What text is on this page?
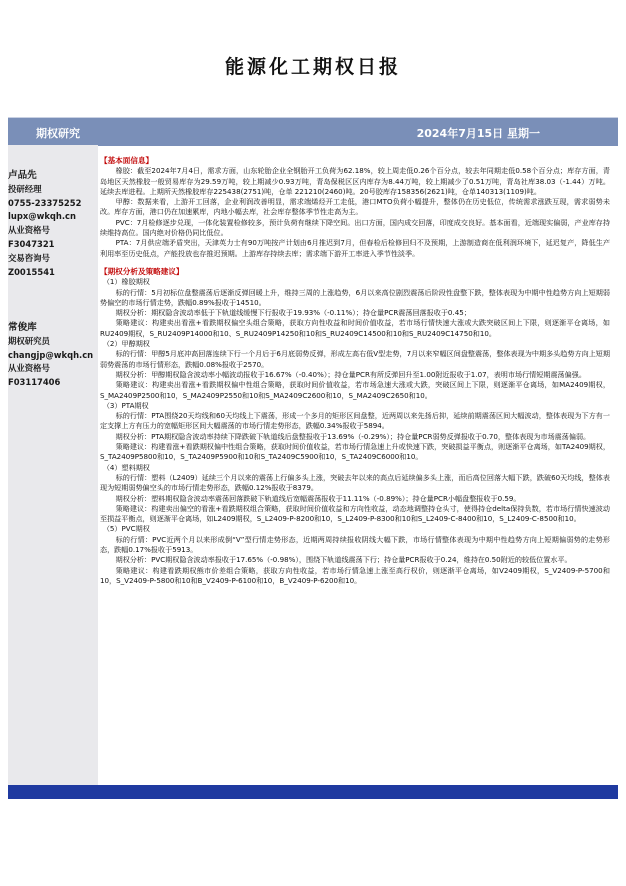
能源化工期权日报
期权研究	2024年7月15日 星期一
卢品先
投研经理
0755-23375252
lupx@wkqh.cn
从业资格号
F3047321
交易咨询号
Z0015541
常俊库
期权研究员
changjp@wkqh.cn
从业资格号
F03117406

【基本面信息】

橡胶：截至2024年7月4日，需求方面，山东轮胎企业全钢胎开工负荷为62.18%，较上周走低0.26个百分点，较去年同期走低0.58个百分点；库存方面，青岛地区天然橡胶一般贸易库存为29.59万吨，较上期减少0.93万吨，青岛保税区区内库存为8.44万吨，较上期减少了0.51万吨，青岛社库38.03（-1.44）万吨。延续去库进程。上期所天然橡胶库存225438(2751)吨，仓单 221210(2460)吨。20号胶库存158356(2621)吨，仓单140313(1109)吨。

甲醇：数据来看，上游开工回落，企业利润改善明显，需求端烯烃开工走低，港口MTO负荷小幅提升，整体仍在历史低位，传统需求涨跌互现，需求弱势未改。库存方面，港口仍在加速累库，内地小幅去库，社会库存整体季节性走高为主。

PVC：7月检修逐步兑现，一体化装置检修较多，预计负荷有继续下降空间。出口方面，国内成交回落，印度成交良好。基本面看，近端现实偏弱，产业库存持续维持高位。国内绝对价格仍同比低位。

PTA：7月供应端矛盾突出，天津英力士有90万吨按产计划由6月推迟到7月，但春检后检修回归不及预期，上游制造商在低利润环境下，延迟复产，降低生产利用率至历史低点，产能投放也存推迟预期。上游库存持续去库；需求端下游开工率进入季节性淡季。

【期权分析及策略建议】

（1）橡胶期权

标的行情：5月初标位盘整震荡后逐渐反弹回暖上升，维持三周的上涨趋势，6月以来高位剧烈震荡后阶段性盘整下跌，整体表现为中期中性趋势方向上短期弱势偏空的市场行情走势，跌幅0.89%报收于14510。

期权分析：期权隐含波动率低于下轨道线缓慢下行报收于19.93%（-0.11%）；持仓量PCR震荡回落报收于0.45；

策略建议：构建卖出看涨+看跌期权偏空头组合策略，获取方向性收益和时间价值收益，若市场行情快速大涨或大跌突破区间上下限，则逐渐平仓离场，如RU2409期权，S_RU2409P14000和10、S_RU2409P14250和10和S_RU2409C14500和10和S_RU2409C14750和10。

（2）甲醇期权

标的行情：甲醇5月底冲高回落连续下行一个月后于6月底弱势反弹，形成左高右低V型走势，7月以来窄幅区间盘整震荡，整体表现为中期多头趋势方向上短期弱势震荡的市场行情形态，跌幅0.08%报收于2570。

期权分析：甲醇期权隐含波动率小幅波动报收于16.67%（-0.40%）；持仓量PCR有所反弹回升至1.00附近报收于1.07，表明市场行情短期震荡偏强。

策略建议：构建卖出看涨+看跌期权偏中性组合策略，获取时间价值收益，若市场急速大涨或大跌，突破区间上下限，则逐渐平仓离场，如MA2409期权，S_MA2409P2500和10，S_MA2409P2550和10和S_MA2409C2600和10，S_MA2409C2650和10。

（3）PTA期权

标的行情：PTA围绕20天均线和60天均线上下震荡，形成一个多月的矩形区间盘整，近两周以来先扬后抑，延续前期震荡区间大幅波动，整体表现为下方有一定支撑上方有压力的宽幅矩形区间大幅震荡的市场行情走势形态，跌幅0.34%报收于5894。

期权分析：PTA期权隐含波动率持续下降跌破下轨道线后盘整报收于13.69%（-0.29%）；持仓量PCR弱势反弹报收于0.70，整体表现为市场震荡偏弱。

策略建议：构建看涨+看跌期权偏中性组合策略，获取时间价值收益，若市场行情急速上升或快速下跌，突破损益平衡点，则逐渐平仓离场，如TA2409期权，S_TA2409P5800和10，S_TA2409P5900和10和S_TA2409C5900和10，S_TA2409C6000和10。

（4）塑料期权

标的行情：塑料（L2409）延续三个月以来的震荡上行偏多头上涨，突破去年以来的高点后延续偏多头上涨，而后高位回落大幅下跌，跌破60天均线，整体表现为短期弱势偏空头的市场行情走势形态，跌幅0.12%报收于8379。

期权分析：塑料期权隐含波动率震荡回落跌破下轨道线后宽幅震荡报收于11.11%（-0.89%）；持仓量PCR小幅盘整报收于0.59。

策略建议：构建卖出偏空的看涨+看跌期权组合策略，获取时间价值收益和方向性收益，动态地调整持仓头寸，使得持仓delta保持负数，若市场行情快速波动至损益平衡点，则逐渐平仓离场，如L2409期权，S_L2409-P-8200和10，S_L2409-P-8300和10和S_L2409-C-8400和10，S_L2409-C-8500和10。

（5）PVC期权

标的行情：PVC近两个月以来形成倒“V”型行情走势形态，近期两周持续报收阴线大幅下跌，市场行情整体表现为中期中性趋势方向上短期偏弱势的走势形态，跌幅0.17%报收于5913。

期权分析：PVC期权隐含波动率报收于17.65%（-0.98%），围绕下轨道线震荡下行；持仓量PCR报收于0.24，维持在0.50附近的较低位置水平。

策略建议：构建看跌期权熊市价差组合策略，获取方向性收益，若市场行情急速上涨至高行权价，则逐渐平仓离场，如V2409期权，S_V2409-P-5700和10，S_V2409-P-5800和10和B_V2409-P-6100和10，B_V2409-P-6200和10。
